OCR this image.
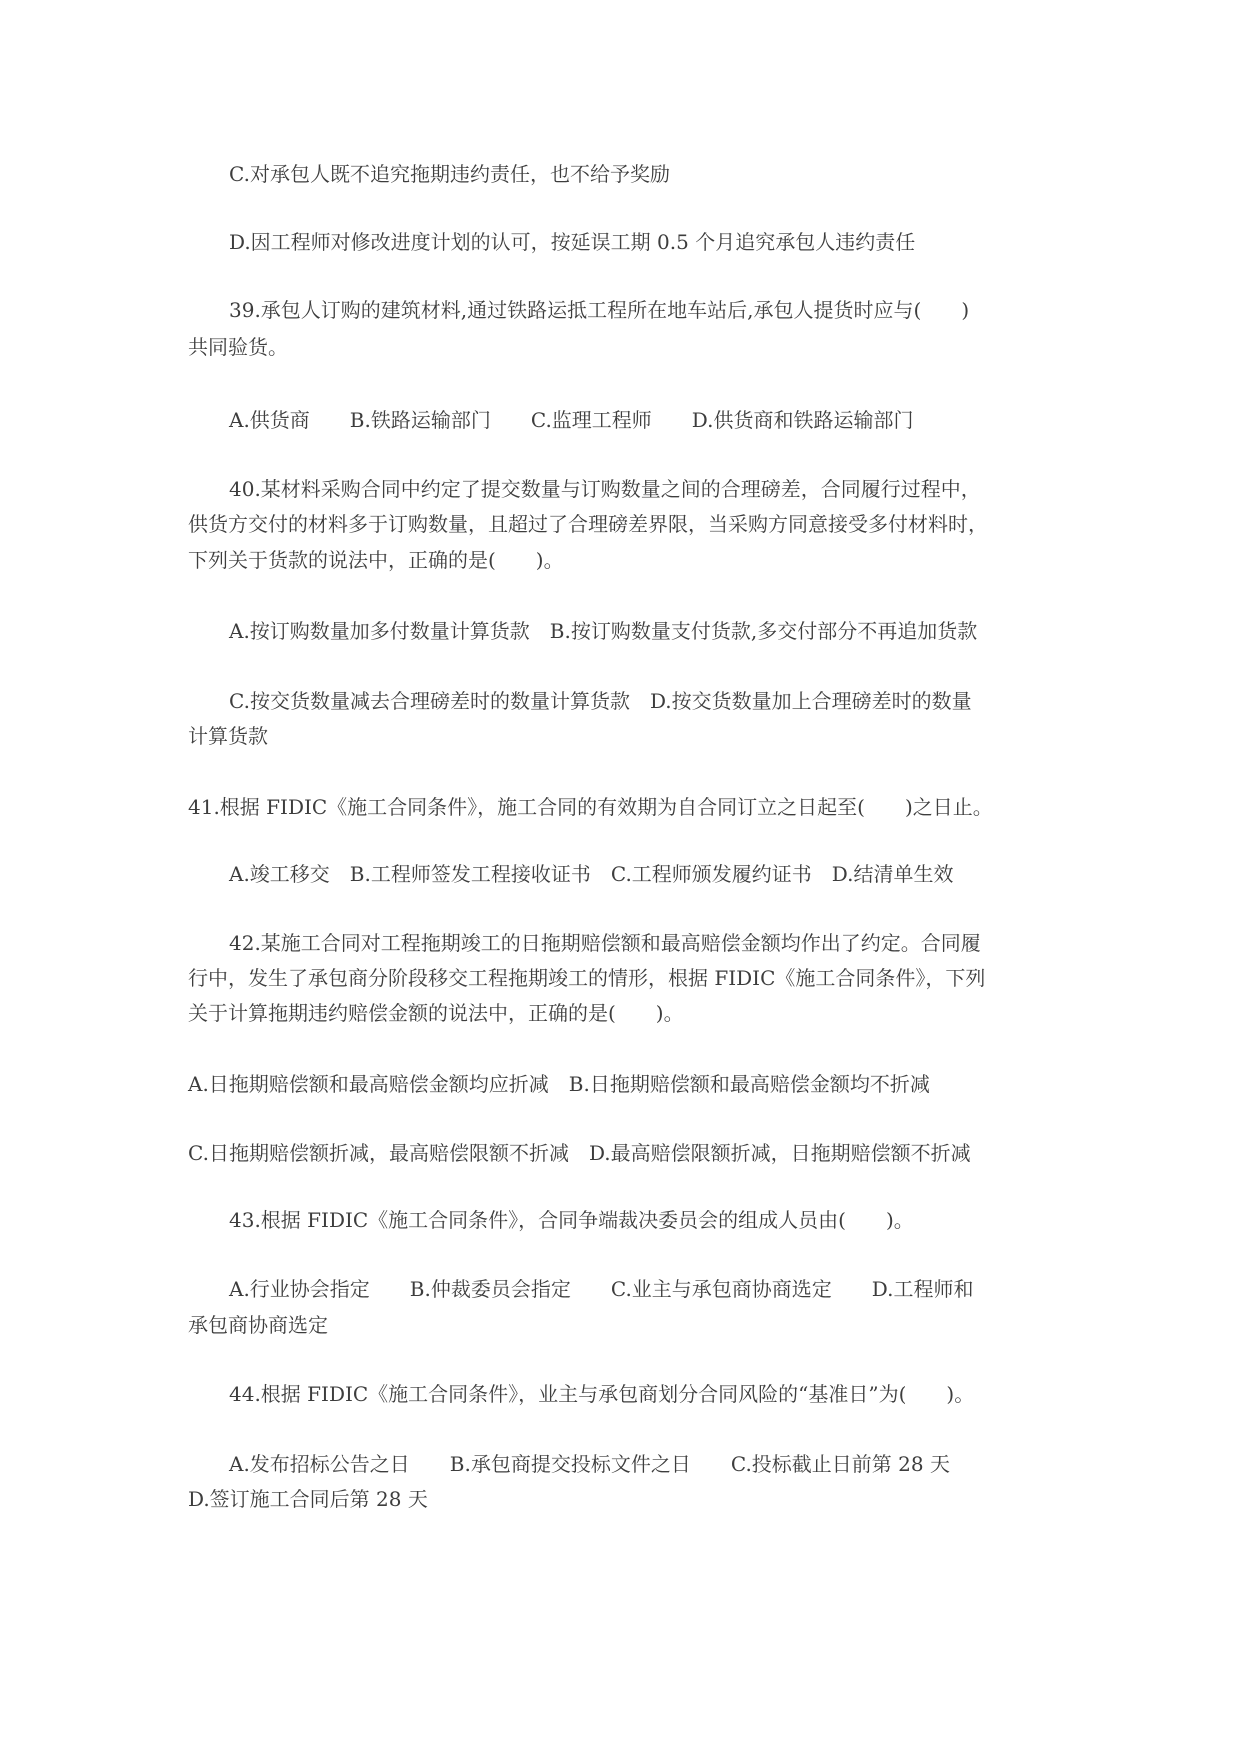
C.对承包人既不追究拖期违约责任，也不给予奖励
D.因工程师对修改进度计划的认可，按延误工期 0.5 个月追究承包人违约责任
39.承包人订购的建筑材料,通过铁路运抵工程所在地车站后,承包人提货时应与(　　)
共同验货。
A.供货商　　B.铁路运输部门　　C.监理工程师　　D.供货商和铁路运输部门
40.某材料采购合同中约定了提交数量与订购数量之间的合理磅差，合同履行过程中，
供货方交付的材料多于订购数量，且超过了合理磅差界限，当采购方同意接受多付材料时，
下列关于货款的说法中，正确的是(　　)。
A.按订购数量加多付数量计算货款　B.按订购数量支付货款,多交付部分不再追加货款
C.按交货数量减去合理磅差时的数量计算货款　D.按交货数量加上合理磅差时的数量
计算货款
41.根据 FIDIC《施工合同条件》，施工合同的有效期为自合同订立之日起至(　　)之日止。
A.竣工移交　B.工程师签发工程接收证书　C.工程师颁发履约证书　D.结清单生效
42.某施工合同对工程拖期竣工的日拖期赔偿额和最高赔偿金额均作出了约定。合同履
行中，发生了承包商分阶段移交工程拖期竣工的情形，根据 FIDIC《施工合同条件》，下列
关于计算拖期违约赔偿金额的说法中，正确的是(　　)。
A.日拖期赔偿额和最高赔偿金额均应折减　B.日拖期赔偿额和最高赔偿金额均不折减
C.日拖期赔偿额折减，最高赔偿限额不折减　D.最高赔偿限额折减，日拖期赔偿额不折减
43.根据 FIDIC《施工合同条件》，合同争端裁决委员会的组成人员由(　　)。
A.行业协会指定　　B.仲裁委员会指定　　C.业主与承包商协商选定　　D.工程师和
承包商协商选定
44.根据 FIDIC《施工合同条件》，业主与承包商划分合同风险的“基准日”为(　　)。
A.发布招标公告之日　　B.承包商提交投标文件之日　　C.投标截止日前第 28 天
D.签订施工合同后第 28 天
